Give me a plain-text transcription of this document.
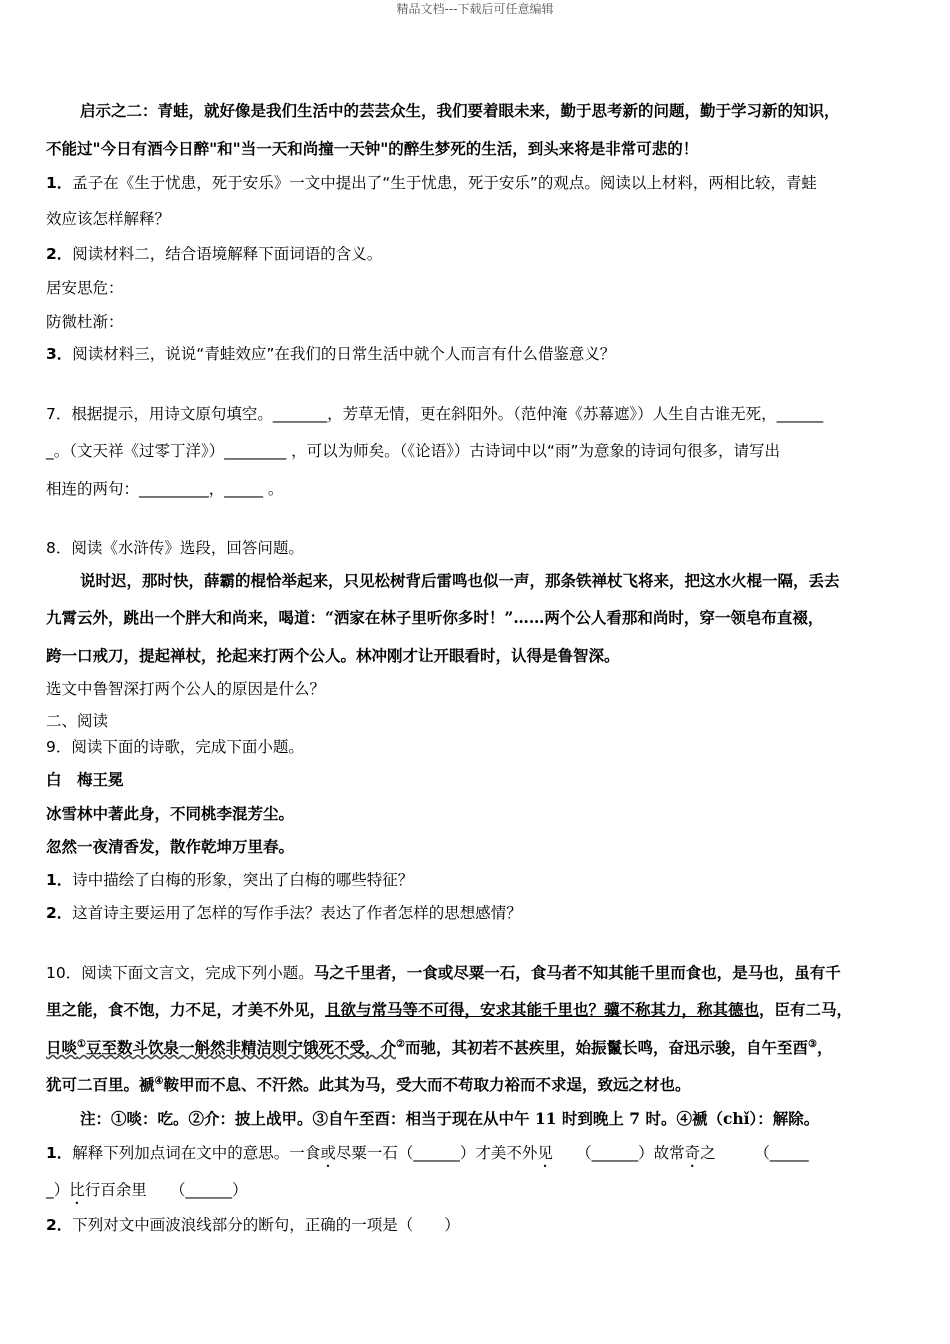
精品文档---下载后可任意编辑
启示之二：青蛙，就好像是我们生活中的芸芸众生，我们要着眼未来，勤于思考新的问题，勤于学习新的知识，
不能过"今日有酒今日醉"和"当一天和尚撞一天钟"的醉生梦死的生活，到头来将是非常可悲的！
1．孟子在《生于忧患，死于安乐》一文中提出了“生于忧患，死于安乐”的观点。阅读以上材料，两相比较，青蛙
效应该怎样解释？
2．阅读材料二，结合语境解释下面词语的含义。
居安思危：
防微杜渐：
3．阅读材料三，说说“青蛙效应”在我们的日常生活中就个人而言有什么借鉴意义？
7．根据提示，用诗文原句填空。_______，芳草无情，更在斜阳外。（范仲淹《苏幕遮》）人生自古谁无死，______
_。（文天祥《过零丁洋》）________ ，可以为师矣。（《论语》）古诗词中以“雨”为意象的诗词句很多，请写出
相连的两句：_________，_____ 。
8．阅读《水浒传》选段，回答问题。
说时迟，那时快，薛霸的棍恰举起来，只见松树背后雷鸣也似一声，那条铁禅杖飞将来，把这水火棍一隔，丢去
九霄云外，跳出一个胖大和尚来，喝道：“洒家在林子里听你多时！”……两个公人看那和尚时，穿一领皂布直裰，
跨一口戒刀，提起禅杖，抡起来打两个公人。林冲刚才让开眼看时，认得是鲁智深。
选文中鲁智深打两个公人的原因是什么？
二、阅读
9．阅读下面的诗歌，完成下面小题。
白　梅王冕
冰雪林中著此身，不同桃李混芳尘。
忽然一夜清香发，散作乾坤万里春。
1．诗中描绘了白梅的形象，突出了白梅的哪些特征？
2．这首诗主要运用了怎样的写作手法？表达了作者怎样的思想感情？
10．阅读下面文言文，完成下列小题。马之千里者，一食或尽粟一石，食马者不知其能千里而食也，是马也，虽有千
里之能，食不饱，力不足，才美不外见，且欲与常马等不可得，安求其能千里也？骥不称其力，称其德也，臣有二马，
日啖①豆至数斗饮泉一斛然非精洁则宁饿死不受，介②而驰，其初若不甚疾里，始振鬣长鸣，奋迅示骏，自午至酉③，
犹可二百里。褫④鞍甲而不息、不汗然。此其为马，受大而不苟取力裕而不求逞，致远之材也。
注：①啖：吃。②介：披上战甲。③自午至酉：相当于现在从中午 11 时到晚上 7 时。④褫（chǐ）：解除。
1．解释下列加点词在文中的意思。一食或尽粟一石（______）才美不外见　　（______）故常奇之　　　（_____
_）比行百余里　　（______）
2．下列对文中画波浪线部分的断句，正确的一项是（　　）
